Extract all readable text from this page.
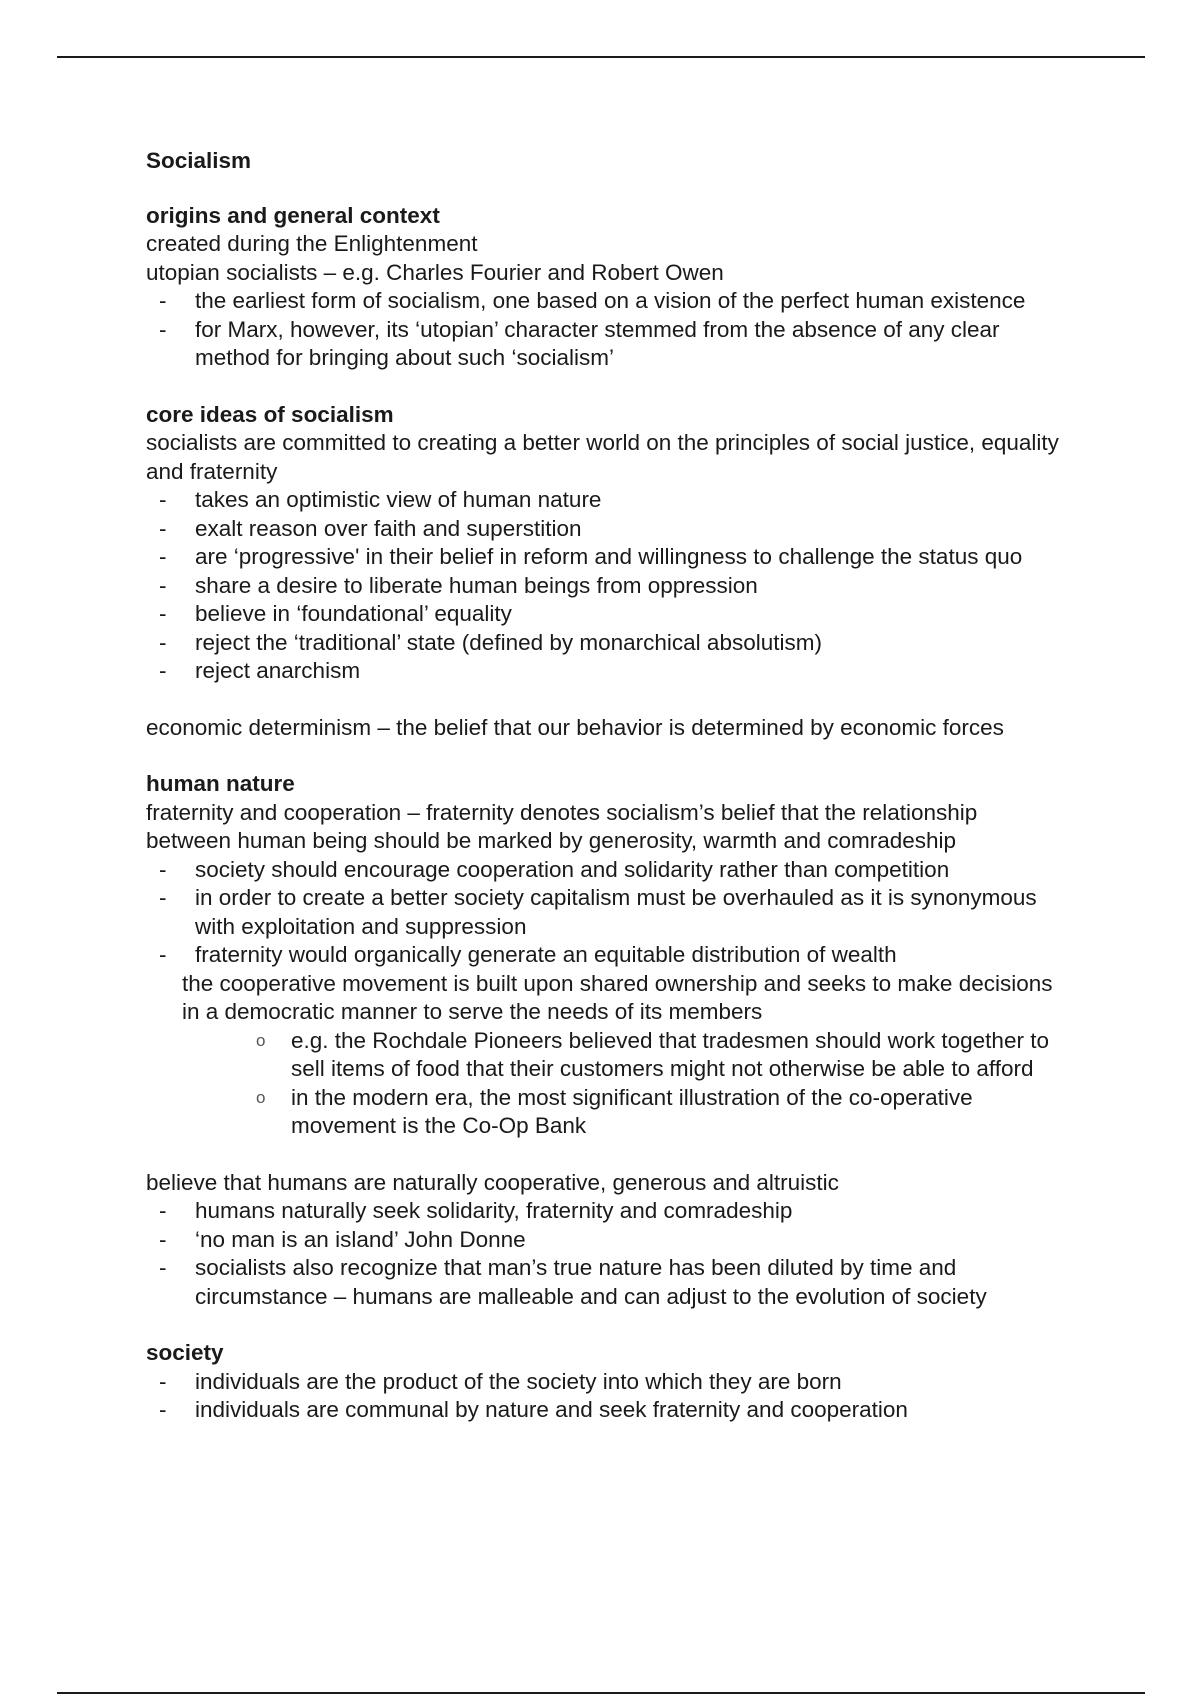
Socialism

origins and general context

created during the Enlightenment

utopian socialists – e.g. Charles Fourier and Robert Owen

- the earliest form of socialism, one based on a vision of the perfect human existence
- for Marx, however, its ‘utopian’ character stemmed from the absence of any clear method for bringing about such ‘socialism’

core ideas of socialism

socialists are committed to creating a better world on the principles of social justice, equality and fraternity

- takes an optimistic view of human nature
- exalt reason over faith and superstition
- are ‘progressive' in their belief in reform and willingness to challenge the status quo
- share a desire to liberate human beings from oppression
- believe in ‘foundational’ equality
- reject the ‘traditional’ state (defined by monarchical absolutism)
- reject anarchism

economic determinism – the belief that our behavior is determined by economic forces

human nature

fraternity and cooperation – fraternity denotes socialism’s belief that the relationship between human being should be marked by generosity, warmth and comradeship

- society should encourage cooperation and solidarity rather than competition
- in order to create a better society capitalism must be overhauled as it is synonymous with exploitation and suppression
- fraternity would organically generate an equitable distribution of wealth

the cooperative movement is built upon shared ownership and seeks to make decisions in a democratic manner to serve the needs of its members

o e.g. the Rochdale Pioneers believed that tradesmen should work together to sell items of food that their customers might not otherwise be able to afford
o in the modern era, the most significant illustration of the co-operative movement is the Co-Op Bank

believe that humans are naturally cooperative, generous and altruistic

- humans naturally seek solidarity, fraternity and comradeship
- ‘no man is an island’ John Donne
- socialists also recognize that man’s true nature has been diluted by time and circumstance – humans are malleable and can adjust to the evolution of society

society

- individuals are the product of the society into which they are born
- individuals are communal by nature and seek fraternity and cooperation
